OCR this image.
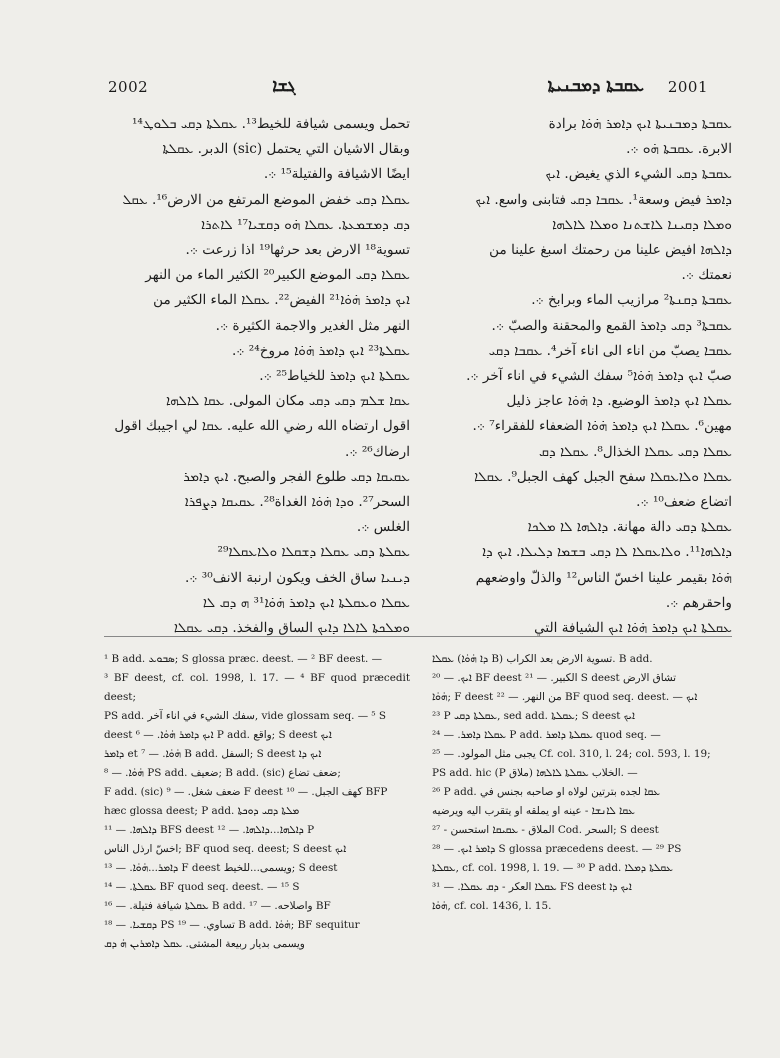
2002	ܓܫܐ	ܥܩܒܬܐ ܕܡܒܢܝܬܐ 2001

تحمل ويسمى شيافة للخيط¹³. ܥܩܠܬܐ ܕܩܝ ܒܠܘܛ¹⁴

وبقال الاشيان التي يحتمل (sic) الدبر. ܥܩܠܬܐ

ايضًا الاشيافة والفتيلة¹⁵ ܀.

ܥܩܠܐ ܕܩܝ خفض الموضع المرتفع من الارض¹⁶. ܥܩܠ

ܕܩ ܕܡܫܡܥܬܐ. ܥܩܠܐ ܗ̇ܘ ܕܩܫܝܐ¹⁷ ܠܐܬܪܐ

تسوية¹⁸ الارض بعد حرثها¹⁹ اذا زرعت ܀.

ܥܩܠܐ ܕܩܝ الموضع الكبير²⁰ الكثير الماء من النهر

ܐܝܟ ܕܐܡܪ ܗ̇ܘ̇ܐ²¹ الفيض²². ܥܩܠܐ الماء الكثير من

النهر مثل الغدير والاجمة الكثيرة ܀.

ܥܩܠܬܐ²³ ܐܝܟ ܕܐܡܪ ܗ̇ܘ̇ܐ مروخ²⁴ ܀.

ܥܩܠܬܐ ܐܝܟ ܕܐܡܪ للخياط²⁵ ܀.

ܥܩܐ ܫܠܡ ܕܩܝ ܕܩܝ مكان المولى. ܥܩܐ ܠܐܠܗܐ

اقول ارتضاه الله رضي الله عليه. ܥܩܐ لي اجيبك اقول

ارضاك²⁶ ܀.

ܥܩܝܩܐ ܕܩܝ طلوع الفجر والصبح. ܐܝܟ ܕܐܡܪ

السحر²⁷. ܘܕܐ ܗ̇ܘ̇ܐ الغداة²⁸. ܥܩܝܩܐ ܕܨܦܪܐ

الغلس ܀.

ܥܩܠܬܐ ܕܩܝ ܥܩܠܐ ܕܫܩܠܐ ܘܠܐܥܩܠܐ²⁹

ܕܝܢܝܐ ساق الخف ويكون ارنبة الانف³⁰ ܀.

ܥܩܠܐ ܘܥܩܠܬܐ ܐܝܟ ܕܐܡܪ ܗ̇ܘ̇ܐ³¹ ܗ ܕܩ ܠܐ

ܘܡܠܟܬܐ ܠܐܠܐ ܕܐܝܟ الساق والفخذ. ܕܩܝ ܥܩܠܐ

ܥܩܒܬܐ ܕܡܒܢܝܬܐ ܐܝܟ ܕܐܡܪ ܗ̇ܘ̇ܐ برادة

الابرة. ܥܩܒܬܐ ܗ̇ܘ ܀.

ܥܩܒܬܐ ܕܩܝ الشيء الذي يغيض. ܐܝܟ

ܕܐܡܪ فيض وسعة¹. ܥܩܒܐ ܕܩܝ فتابنى واسع. ܐܝܟ

ܘܡܠܐ ܕܩܝܢܐ ܠܐܫܬܢܐ ܘܡܠܐ ܠܐܠܗܐ

ܕܐܠܗܐ افيض علينا من رحمتك اسبغ علينا من

نعمتك ܀.

ܥܩܒܬܐ ܕܩܢܬܐ² مرازيب الماء وبرابخ ܀.

ܥܩܒܬܐ³ ܕܩܝ ܕܐܡܪ القمع والمحقنة والصبّ ܀.

ܥܩܒܐ يصبّ من اناء الى اناء آخر⁴. ܥܩܒܐ ܕܩܝ

صبّ ܐܝܟ ܕܐܡܪ ܗ̇ܘ̇ܐ⁵ سفك الشيء في اناء آخر ܀.

ܥܩܠܐ ܐܝܟ ܕܐܡܪ الوضيع. ܕܐ ܗ̇ܘ̇ܐ عاجز ذليل

مهين⁶. ܥܩܠܐ ܐܝܟ ܕܐܡܪ ܗ̇ܘ̇ܐ الضعفاء للفقراء⁷ ܀.

ܥܩܠܐ ܕܩܝ ܥܩܠܐ الخذال⁸. ܥܩܠܐ ܕܩ

ܥܩܠܐ ܘܠܐܥܩܠܐ سفح الجبل كهف الجبل⁹. ܥܩܠܐ

اتضاع ضعف¹⁰ ܀.

ܥܩܠܬܐ ܕܩܝ دالة مهانة. ܕܐܠܗܐ ܠܐ ܡܠܟܐ

ܕܐܠܗܐ¹¹. ܘܠܐܥܩܠܐ ܠܐ ܕܩܝ ܒܫܡܐ ܕܠܝܠܐ. ܐܝܟ ܕܐ

ܗ̇ܘ̇ܐ بقيمر علينا اخسّ الناس¹² والذلّ واوضعهم

واحقرهم ܀.

ܥܩܠܬܐ ܐܝܟ ܕܐܡܪ ܗ̇ܘ̇ܐ ܐܝܟ الشيافة التي

¹ B add. ܣܒܘܥ; S glossa præc. deest. — ² BF deest. —

³ BF deest, cf. col. 1998, l. 17. — ⁴ BF quod præcedit deest;

PS add. سفك الشيء في اناء آخر, vide glossam seq. — ⁵ S

deest ܐܝܟ ܕܐܡܪ ܗ̇ܘ̇ܐ. — ⁶ P add. واقع; S deest ܐܝܟ

ܕܐܡܪ et ܗ̇ܘ̇ܐ. — ⁷ B add. السفل; S deest ܐܝܟ ܕܐ

ܗ̇ܘ̇ܐ. — ⁸ PS add. ضعيف; B add. (sic) ضعف تضاع;

F add. (sic) ضعف شغل. — ⁹ F deest كهف الجبل. — ¹⁰ BFP

hæc glossa deest; P add. ܡܠܬܐ ܕܩܝ ܕܘܟܬܐ

ܕܐܠܗܐ. — ¹¹ BFS deest ܕܐܠܗܐ...ܕܐܠܗܐ. — ¹² P

اخسّ ارذل الناس; BF quod seq. deest; S deest ܐܝܟ

ܕܐܡܪ...ܗ̇ܘ̇ܐ. — ¹³ F deest ويسمى...للخيط; S deest

ܥܩܠܬܐ. — ¹⁴ BF quod seq. deest. — ¹⁵ S

ܥܩܠܬܐ شيافة فتيلة. — ¹⁶ B add. واصلاحه. — ¹⁷ BF

ܕܩܫܝܐ. — ¹⁸ PS تساوي. — ¹⁹ B add. ܗ̇ܘ̇ܐ; BF sequitur

ويسمى بديار ربيعة المشتى. ܥܩܠ ܕܐܡܪܝܢ ܗ̇ ܕܩ

ܥܩܠܐ (ܕܐ ܗ̇ܘ̇ܐ B) تسوية الارض بعد الكراب. B add.

ܐܝܟ. — ²⁰ BF deest الكبير. — ²¹ S deest تشاق الارض

ܗ̇ܘ̇ܐ; F deest من النهر. — ²² BF quod seq. deest. — ܐܝܟ

²³ P ܥܩܠܬܐ ܕܩܝ, sed add. ܥܩܠܬܐ; S deest ܐܝܟ

ܥܩܠܐ ܕܐܡܪ. — ²⁴ P add. ܥܩܠܬܐ ܕܐܡܪ quod seq. —

يجبى مثل المولود. — ²⁵ Cf. col. 310, l. 24; col. 593, l. 19;

PS add. hic (P ملاق) الخلاب ܥܩܠܬܐ ܠܐܠܗܐ. —

²⁶ P add. ܥܩܐ لجده بترتين لولاه او صاحبه بجنس في

ܥܩܐ ܠܐܢܫܐ - عينه او يملقه او يتقرب اليه ويرضيه

الملاق - ܥܩܝܩܐ استحسن - ²⁷ Cod. السحر; S deest

ܕܐܡܪ ܐܝܟ. — ²⁸ S glossa præcedens deest. — ²⁹ PS

ܥܩܠܬܐ, cf. col. 1998, l. 19. — ³⁰ P add. ܥܩܠܬܐ ܕܡܠܐ

ܥܩܠܐ العكر - ܕܩ ܥܩܠܐ. — ³¹ FS deest ܐܝܟ ܕܐ

ܗ̇ܘ̇ܐ, cf. col. 1436, l. 15.
